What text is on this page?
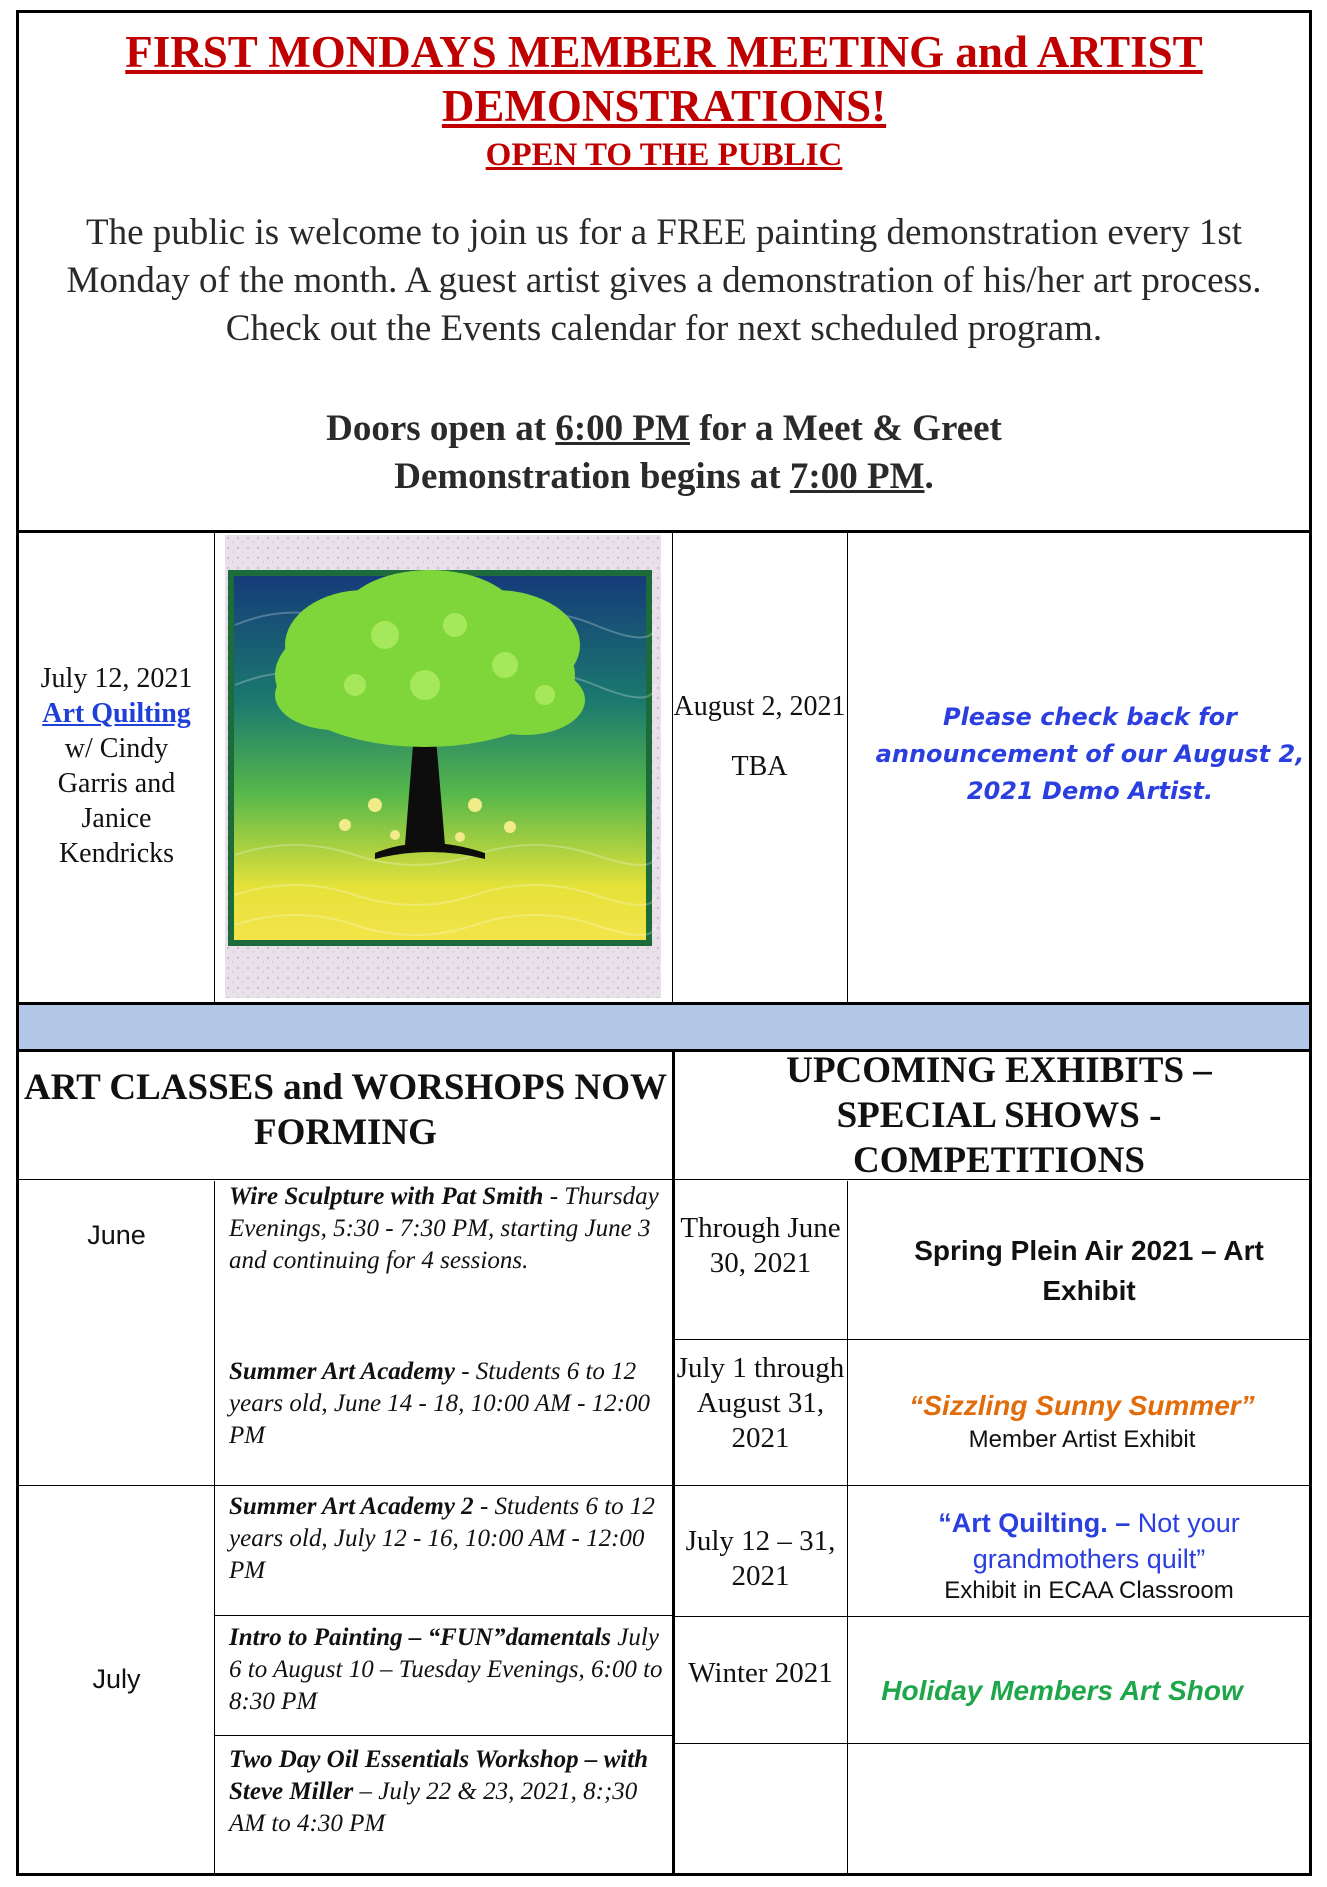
FIRST MONDAYS MEMBER MEETING and ARTIST DEMONSTRATIONS!
OPEN TO THE PUBLIC
The public is welcome to join us for a FREE painting demonstration every 1st Monday of the month. A guest artist gives a demonstration of his/her art process. Check out the Events calendar for next scheduled program.
Doors open at 6:00 PM for a Meet & Greet
Demonstration begins at 7:00 PM.
July 12, 2021
Art Quilting
w/ Cindy Garris and Janice Kendricks
August 2, 2021
TBA
Please check back for announcement of our August 2, 2021 Demo Artist.
ART CLASSES and WORSHOPS NOW FORMING
UPCOMING EXHIBITS – SPECIAL SHOWS - COMPETITIONS
June
July
Wire Sculpture with Pat Smith - Thursday Evenings, 5:30 - 7:30 PM, starting June 3 and continuing for 4 sessions.
Summer Art Academy - Students 6 to 12 years old, June 14 - 18, 10:00 AM - 12:00 PM
Summer Art Academy 2 - Students 6 to 12 years old, July 12 - 16, 10:00 AM - 12:00 PM
Intro to Painting – “FUN”damentals July 6 to August 10 – Tuesday Evenings, 6:00 to 8:30 PM
Two Day Oil Essentials Workshop – with Steve Miller – July 22 & 23, 2021, 8:;30 AM to 4:30 PM
Through June 30, 2021
July 1 through August 31, 2021
July 12 – 31, 2021
Winter 2021
Spring Plein Air 2021 – Art Exhibit
“Sizzling Sunny Summer”
Member Artist Exhibit
“Art Quilting. – Not your grandmothers quilt”
Exhibit in ECAA Classroom
Holiday Members Art Show
